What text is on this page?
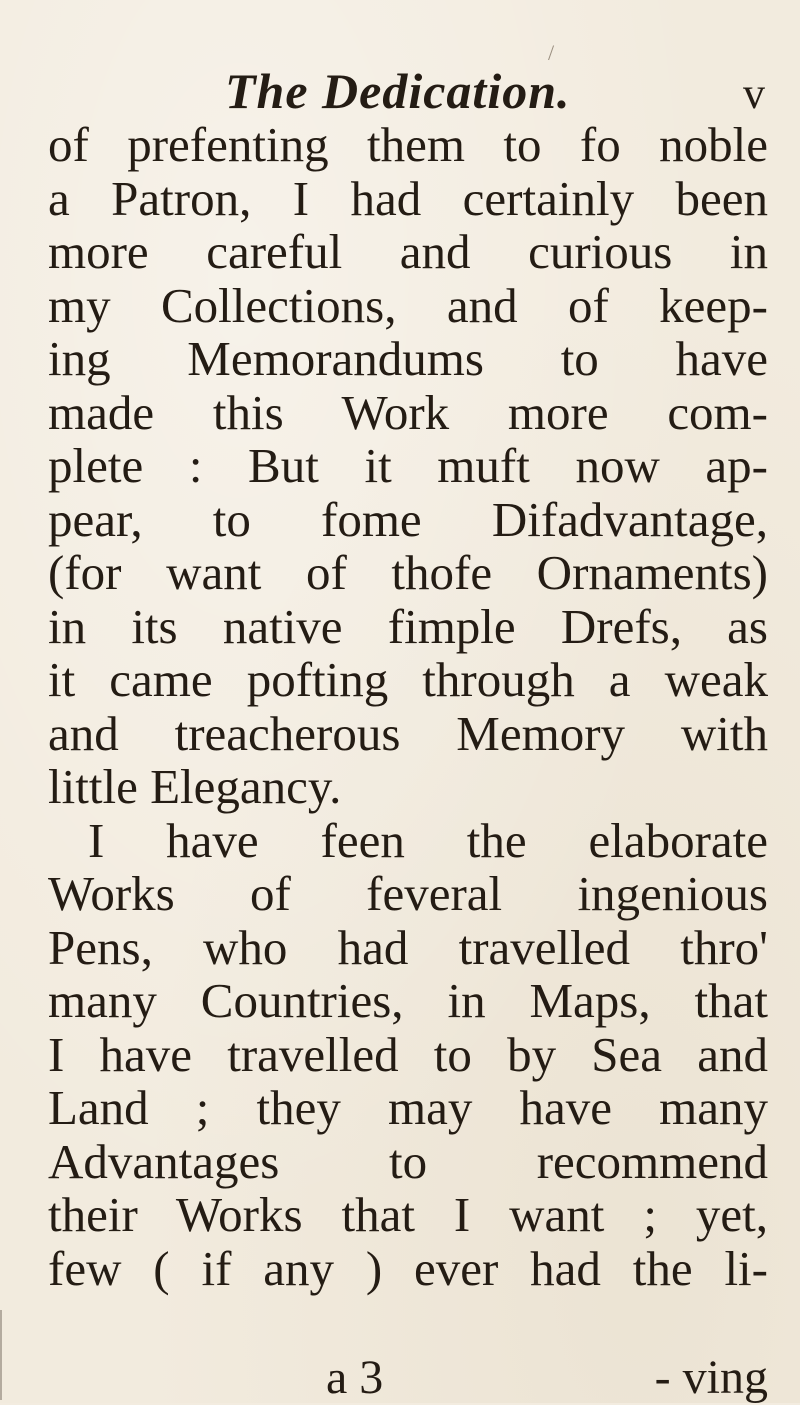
The Dedication.	v
of prefenting them to fo noble
a Patron, I had certainly been
more careful and curious in
my Collections, and of keep-
ing Memorandums to have
made this Work more com-
plete : But it muft now ap-
pear, to fome Difadvantage,
(for want of thofe Ornaments)
in its native fimple Drefs, as
it came pofting through a weak
and treacherous Memory with
little Elegancy.
I have feen the elaborate
Works of feveral ingenious
Pens, who had travelled thro'
many Countries, in Maps, that
I have travelled to by Sea and
Land ; they may have many
Advantages to recommend
their Works that I want ; yet,
few ( if any ) ever had the li-
a 3	- ving
/
